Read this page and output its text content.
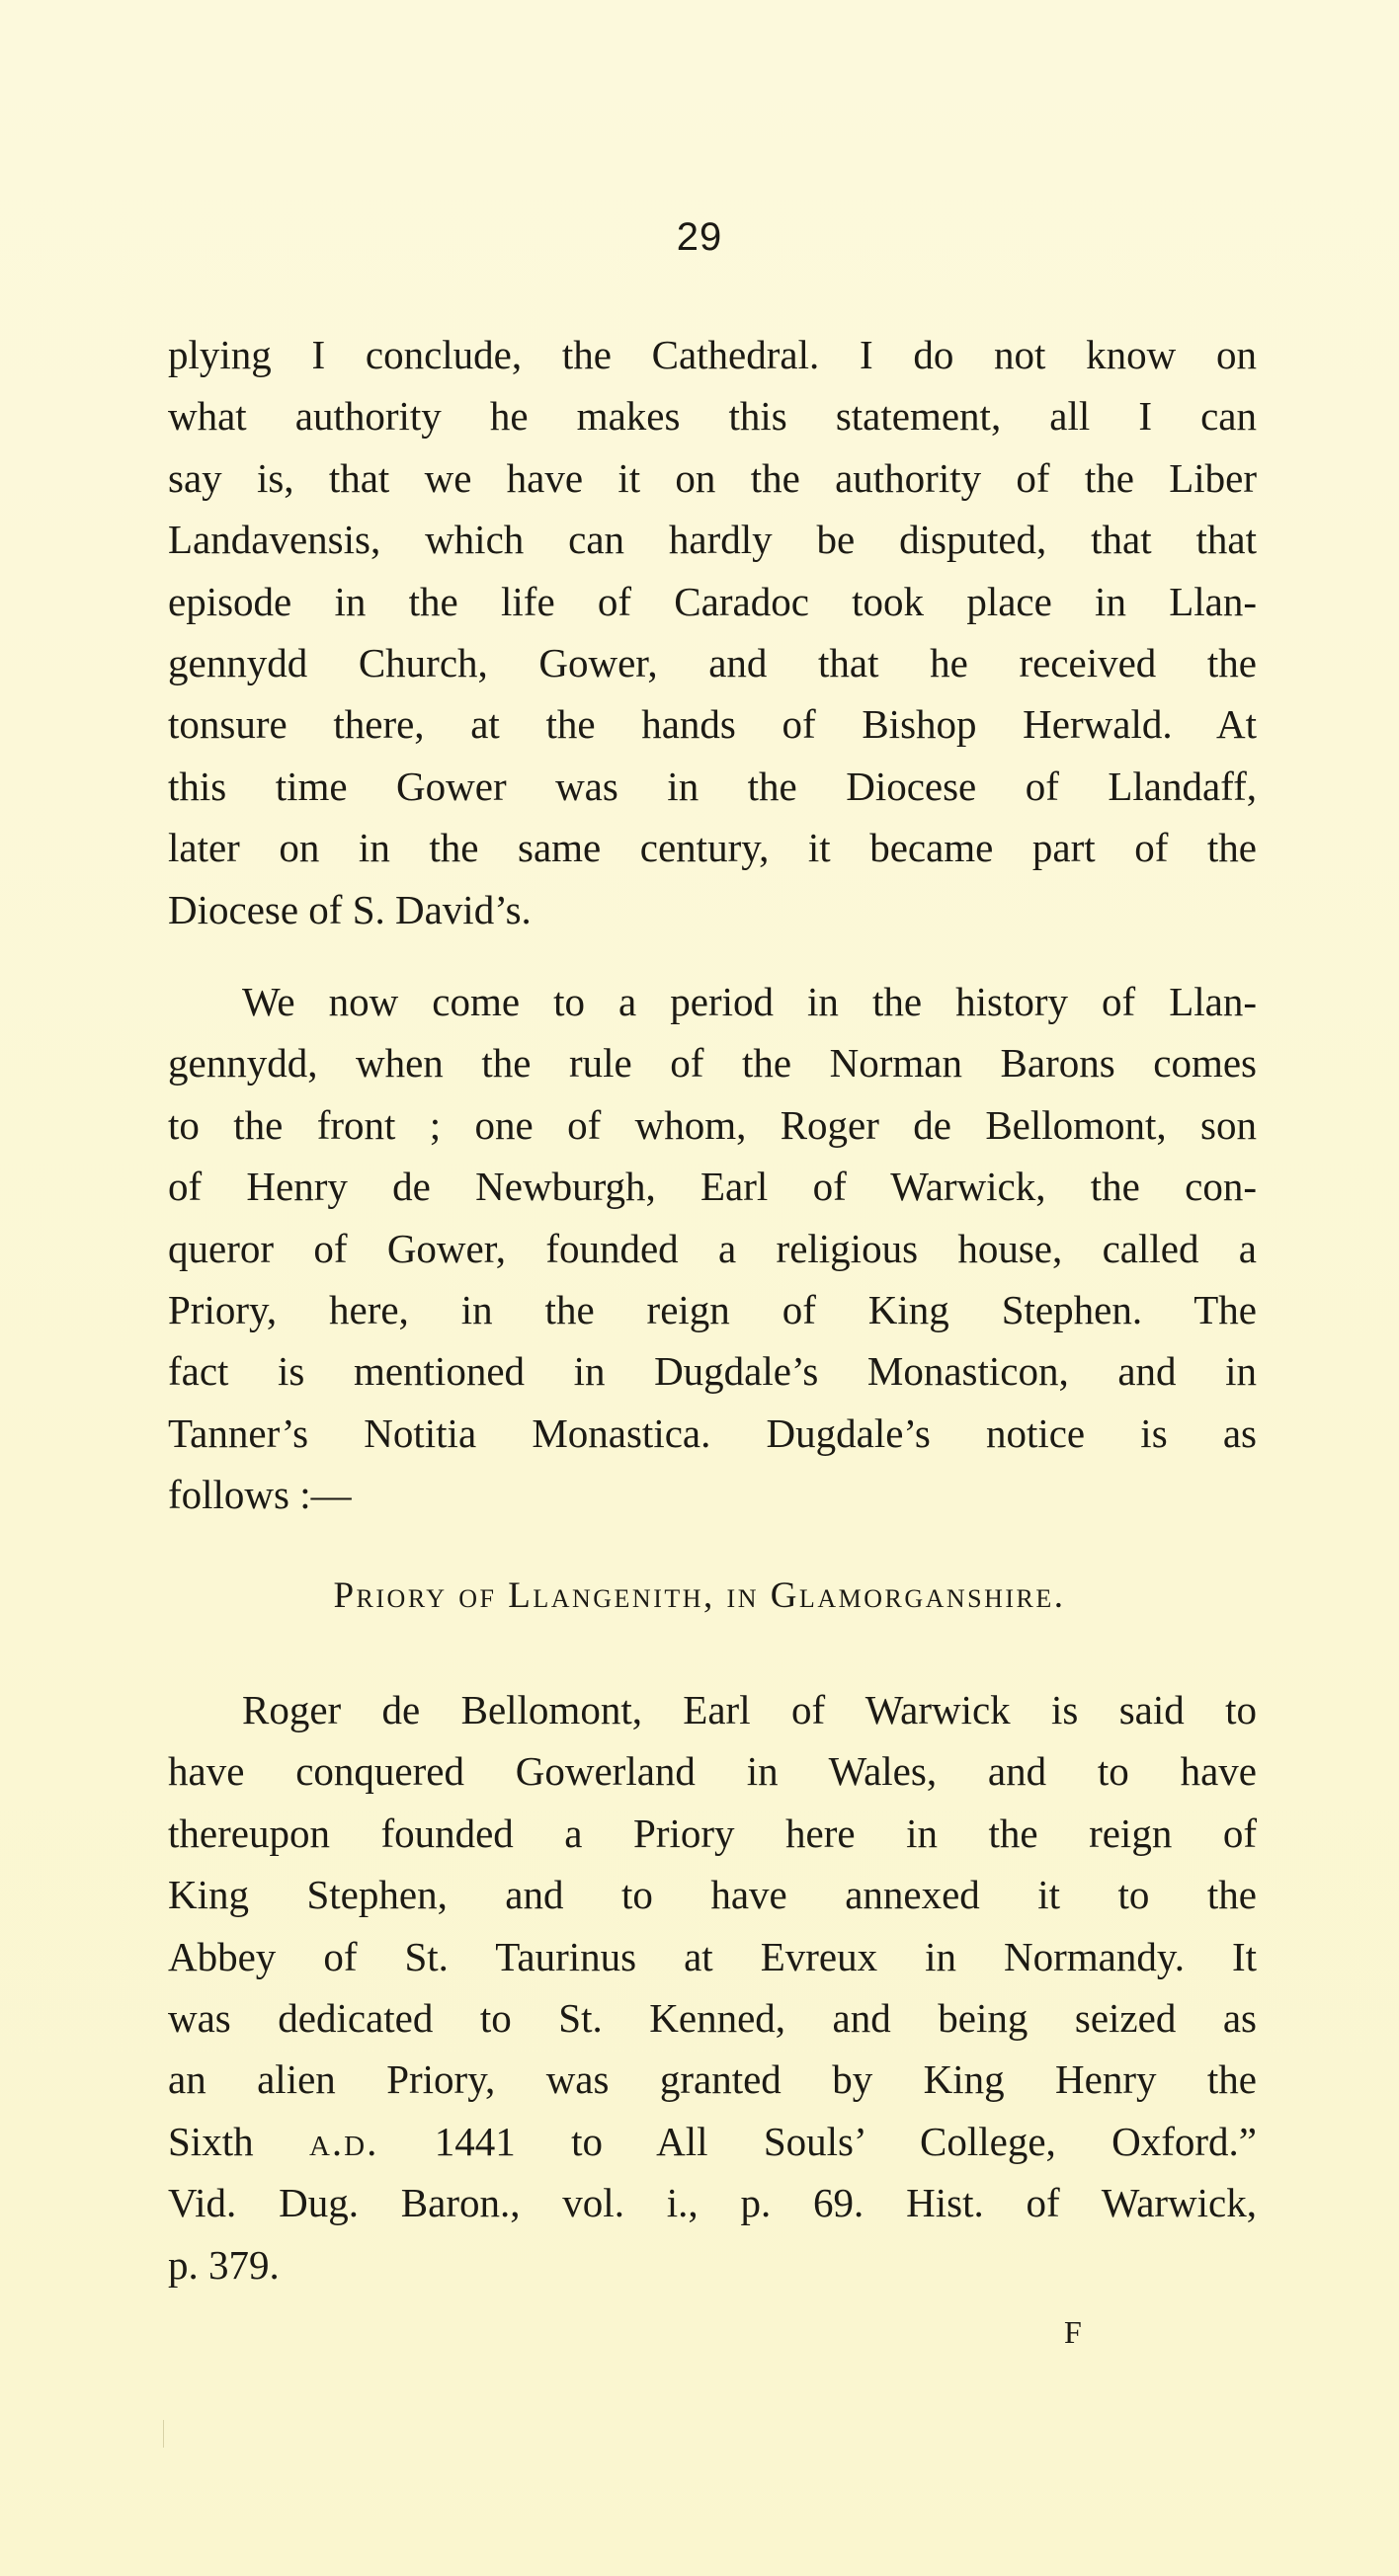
29
plying I conclude, the Cathedral. I do not know on
what authority he makes this statement, all I can
say is, that we have it on the authority of the Liber
Landavensis, which can hardly be disputed, that that
episode in the life of Caradoc took place in Llan-
gennydd Church, Gower, and that he received the
tonsure there, at the hands of Bishop Herwald. At
this time Gower was in the Diocese of Llandaff,
later on in the same century, it became part of the
Diocese of S. David’s.
We now come to a period in the history of Llan-
gennydd, when the rule of the Norman Barons comes
to the front ; one of whom, Roger de Bellomont, son
of Henry de Newburgh, Earl of Warwick, the con-
queror of Gower, founded a religious house, called a
Priory, here, in the reign of King Stephen. The
fact is mentioned in Dugdale’s Monasticon, and in
Tanner’s Notitia Monastica. Dugdale’s notice is as
follows :—
Priory of Llangenith, in Glamorganshire.
Roger de Bellomont, Earl of Warwick is said to
have conquered Gowerland in Wales, and to have
thereupon founded a Priory here in the reign of
King Stephen, and to have annexed it to the
Abbey of St. Taurinus at Evreux in Normandy. It
was dedicated to St. Kenned, and being seized as
an alien Priory, was granted by King Henry the
Sixth a.d. 1441 to All Souls’ College, Oxford.”
Vid. Dug. Baron., vol. i., p. 69. Hist. of Warwick,
p. 379.
F
